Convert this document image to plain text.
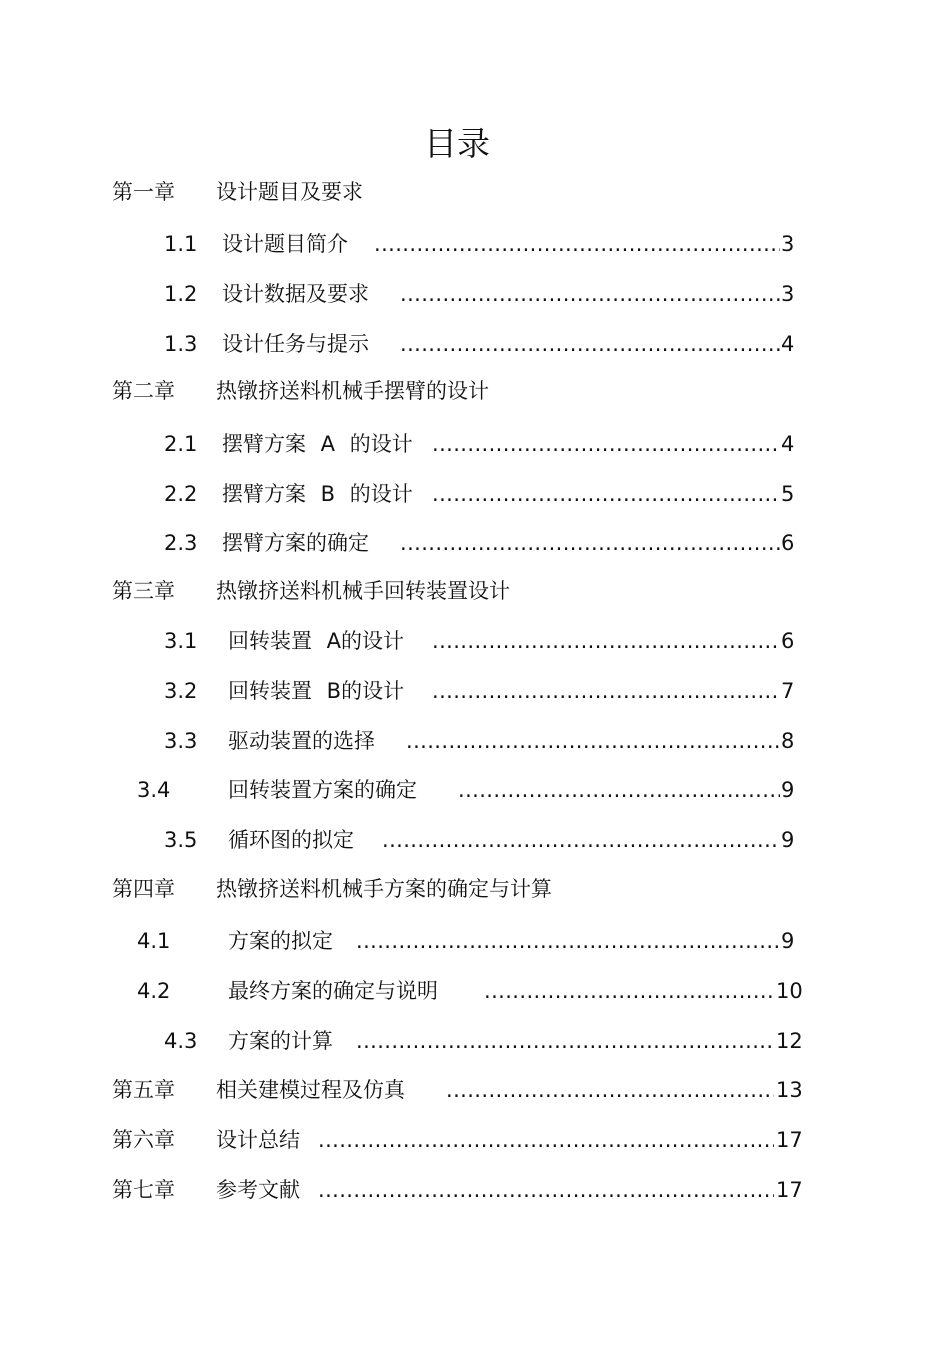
目录
第一章 设计题目及要求
1.1 设计题目简介 .....	3
1.2 设计数据及要求 .....	3
1.3 设计任务与提示 .....	4
第二章 热镦挤送料机械手摆臂的设计
2.1 摆臂方案 A 的设计 .....	4
2.2 摆臂方案 B 的设计 .....	5
2.3 摆臂方案的确定 .....	6
第三章 热镦挤送料机械手回转装置设计
3.1 回转装置 A的设计 .....	6
3.2 回转装置 B的设计 .....	7
3.3 驱动装置的选择 .....	8
3.4	回转装置方案的确定 .....	9
3.5 循环图的拟定 .....	9
第四章 热镦挤送料机械手方案的确定与计算
4.1	方案的拟定 .....	9
4.2	最终方案的确定与说明 .....	10
4.3 方案的计算 .....	12
第五章 相关建模过程及仿真 .....	13
第六章 设计总结 .....	17
第七章 参考文献 .....	17
